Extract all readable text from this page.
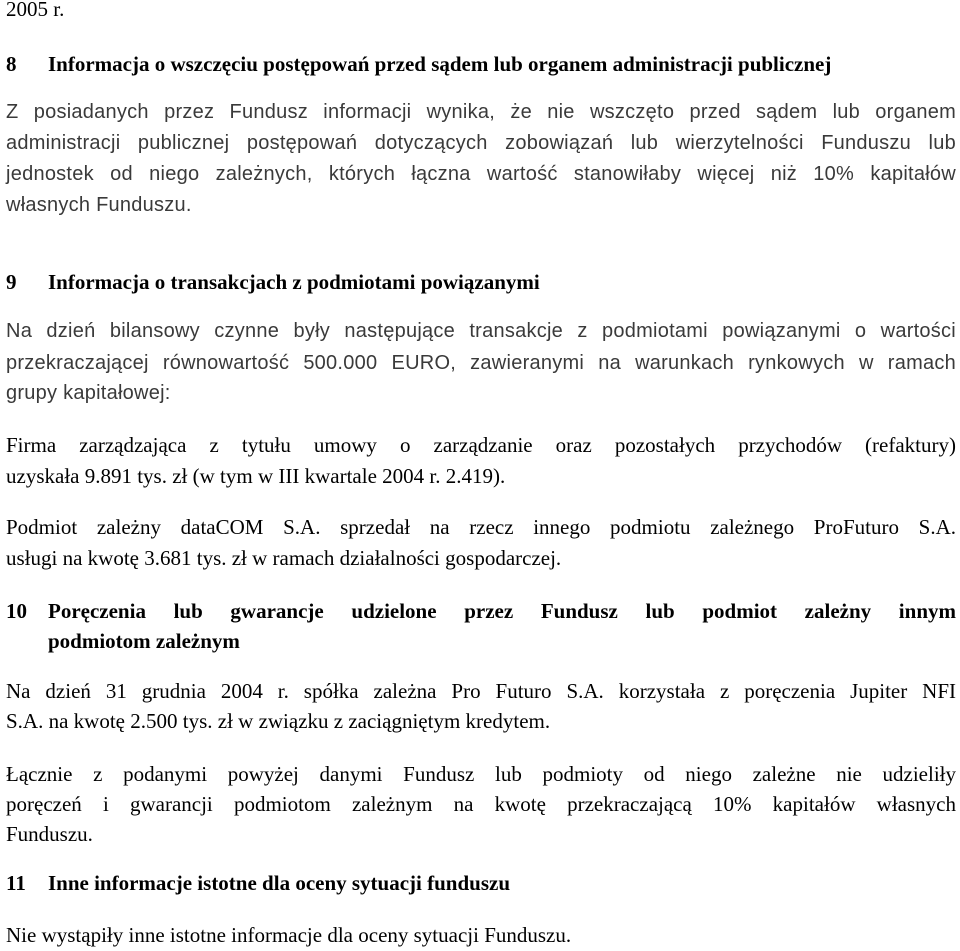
2005 r.
8 Informacja o wszczęciu postępowań przed sądem lub organem administracji publicznej
Z posiadanych przez Fundusz informacji wynika, że nie wszczęto przed sądem lub organem
administracji publicznej postępowań dotyczących zobowiązań lub wierzytelności Funduszu lub
jednostek od niego zależnych, których łączna wartość stanowiłaby więcej niż 10% kapitałów
własnych Funduszu.
9 Informacja o transakcjach z podmiotami powiązanymi
Na dzień bilansowy czynne były następujące transakcje z podmiotami powiązanymi o wartości
przekraczającej równowartość 500.000 EURO, zawieranymi na warunkach rynkowych w ramach
grupy kapitałowej:
Firma zarządzająca z tytułu umowy o zarządzanie oraz pozostałych przychodów (refaktury)
uzyskała 9.891 tys. zł (w tym w III kwartale 2004 r. 2.419).
Podmiot zależny dataCOM S.A. sprzedał na rzecz innego podmiotu zależnego ProFuturo S.A.
usługi na kwotę 3.681 tys. zł w ramach działalności gospodarczej.
10 Poręczenia lub gwarancje udzielone przez Fundusz lub podmiot zależny innym
podmiotom zależnym
Na dzień 31 grudnia 2004 r. spółka zależna Pro Futuro S.A. korzystała z poręczenia Jupiter NFI
S.A. na kwotę 2.500 tys. zł w związku z zaciągniętym kredytem.
Łącznie z podanymi powyżej danymi Fundusz lub podmioty od niego zależne nie udzieliły
poręczeń i gwarancji podmiotom zależnym na kwotę przekraczającą 10% kapitałów własnych
Funduszu.
11 Inne informacje istotne dla oceny sytuacji funduszu
Nie wystąpiły inne istotne informacje dla oceny sytuacji Funduszu.
